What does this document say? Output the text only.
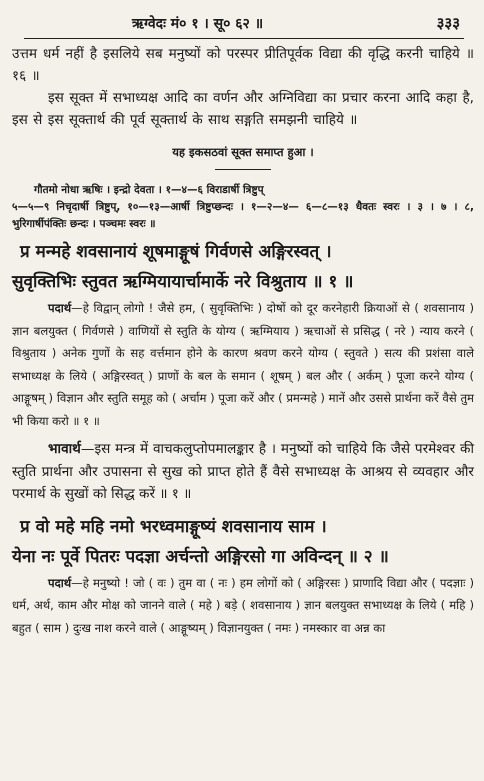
ऋग्वेदः मं० १ । सू० ६२ ॥	३३३

उत्तम धर्म नहीं है इसलिये सब मनुष्यों को परस्पर प्रीतिपूर्वक विद्या की वृद्धि करनी चाहिये ॥ १६ ॥

इस सूक्त में सभाध्यक्ष आदि का वर्णन और अग्निविद्या का प्रचार करना आदि कहा है, इस से इस सूक्तार्थ की पूर्व सूक्तार्थ के साथ सङ्गति समझनी चाहिये ॥

यह इकसठवां सूक्त समाप्त हुआ ।

गौतमो नोधा ऋषिः । इन्द्रो देवता । १—४—६ विराडार्षी त्रिष्टुप्

५—५—९ निचृदार्षी त्रिष्टुप्, १०—१३—आर्षी त्रिष्टुप्छन्दः । १—२—४— ६—८—१३ धैवतः स्वरः । ३ । ७ । ८, भुरिगार्षीपंक्तिः छन्दः । पञ्चमः स्वरः ॥

प्र मन्महे शवसानायं शूषमाङ्गूषं गिर्वणसे अङ्गिरस्वत् ।

सुवृक्तिभिः स्तुवत ऋग्मियायार्चामार्के नरे विश्रुताय ॥ १ ॥

पदार्थ—हे विद्वान् लोगो ! जैसे हम, ( सुवृक्तिभिः ) दोषों को दूर करनेहारी क्रियाओं से ( शवसानाय ) ज्ञान बलयुक्त ( गिर्वणसे ) वाणियों से स्तुति के योग्य ( ऋग्मियाय ) ऋचाओं से प्रसिद्ध ( नरे ) न्याय करने ( विश्रुताय ) अनेक गुणों के सह वर्त्तमान होने के कारण श्रवण करने योग्य ( स्तुवते ) सत्य की प्रशंसा वाले सभाध्यक्ष के लिये ( अङ्गिरस्वत् ) प्राणों के बल के समान ( शूषम् ) बल और ( अर्कम् ) पूजा करने योग्य ( आङ्गूषम् ) विज्ञान और स्तुति समूह को ( अर्चाम ) पूजा करें और ( प्रमन्महे ) मानें और उससे प्रार्थना करें वैसे तुम भी किया करो ॥ १ ॥

भावार्थ—इस मन्त्र में वाचकलुप्तोपमालङ्कार है । मनुष्यों को चाहिये कि जैसे परमेश्वर की स्तुति प्रार्थना और उपासना से सुख को प्राप्त होते हैं वैसे सभाध्यक्ष के आश्रय से व्यवहार और परमार्थ के सुखों को सिद्ध करें ॥ १ ॥

प्र वो महे महि नमो भरध्वमाङ्गूष्यं शवसानाय साम ।

येना नः पूर्वे पितरः पदज्ञा अर्चन्तो अङ्गिरसो गा अविन्दन् ॥ २ ॥

पदार्थ—हे मनुष्यो ! जो ( वः ) तुम वा ( नः ) हम लोगों को ( अङ्गिरसः ) प्राणादि विद्या और ( पदज्ञाः ) धर्म, अर्थ, काम और मोक्ष को जानने वाले ( महे ) बड़े ( शवसानाय ) ज्ञान बलयुक्त सभाध्यक्ष के लिये ( महि ) बहुत ( साम ) दुःख नाश करने वाले ( आङ्गूष्यम् ) विज्ञानयुक्त ( नमः ) नमस्कार वा अन्न का
